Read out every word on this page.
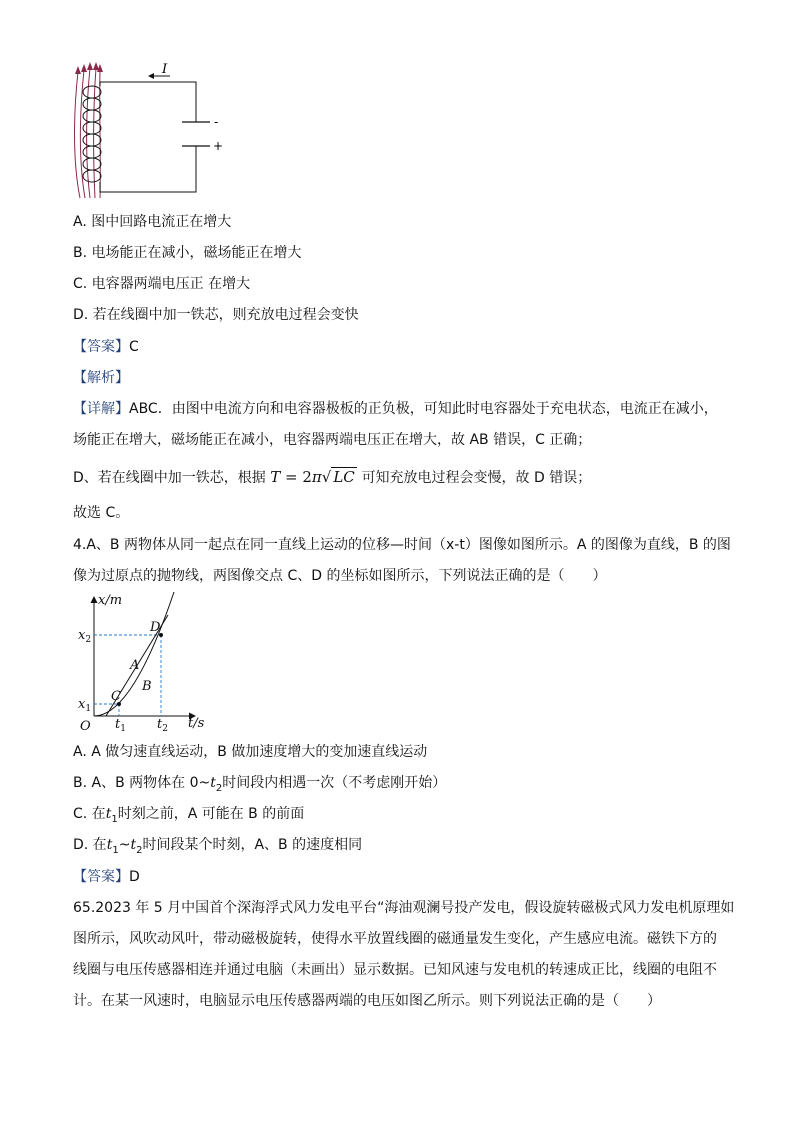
I
-
+
A. 图中回路电流正在增大
B. 电场能正在减小，磁场能正在增大
C. 电容器两端电压正 在增大
D. 若在线圈中加一铁芯，则充放电过程会变快
【答案】C
【解析】
【详解】ABC．由图中电流方向和电容器极板的正负极，可知此时电容器处于充电状态，电流正在减小，
场能正在增大，磁场能正在减小，电容器两端电压正在增大，故 AB 错误，C 正确；
D、若在线圈中加一铁芯，根据 T = 2π√ LC 可知充放电过程会变慢，故 D 错误；
故选 C。
4.A、B 两物体从同一起点在同一直线上运动的位移—时间（x-t）图像如图所示。A 的图像为直线，B 的图
像为过原点的抛物线，两图像交点 C、D 的坐标如图所示，下列说法正确的是（　　）
x/m
t/s
O
C
D
A
B
$x_2$
$x_1$
$t_1$ $t_2$
A. A 做匀速直线运动，B 做加速度增大的变加速直线运动
B. A、B 两物体在 $0\sim t_2$时间段内相遇一次（不考虑刚开始）
C. 在$t_1$时刻之前，A 可能在 B 的前面
D. 在$t_1\sim t_2$时间段某个时刻，A、B 的速度相同
【答案】D
65.2023 年 5 月中国首个深海浮式风力发电平台“海油观澜号投产发电，假设旋转磁极式风力发电机原理如
图所示，风吹动风叶，带动磁极旋转，使得水平放置线圈的磁通量发生变化，产生感应电流。磁铁下方的
线圈与电压传感器相连并通过电脑（未画出）显示数据。已知风速与发电机的转速成正比，线圈的电阻不
计。在某一风速时，电脑显示电压传感器两端的电压如图乙所示。则下列说法正确的是（　　）
